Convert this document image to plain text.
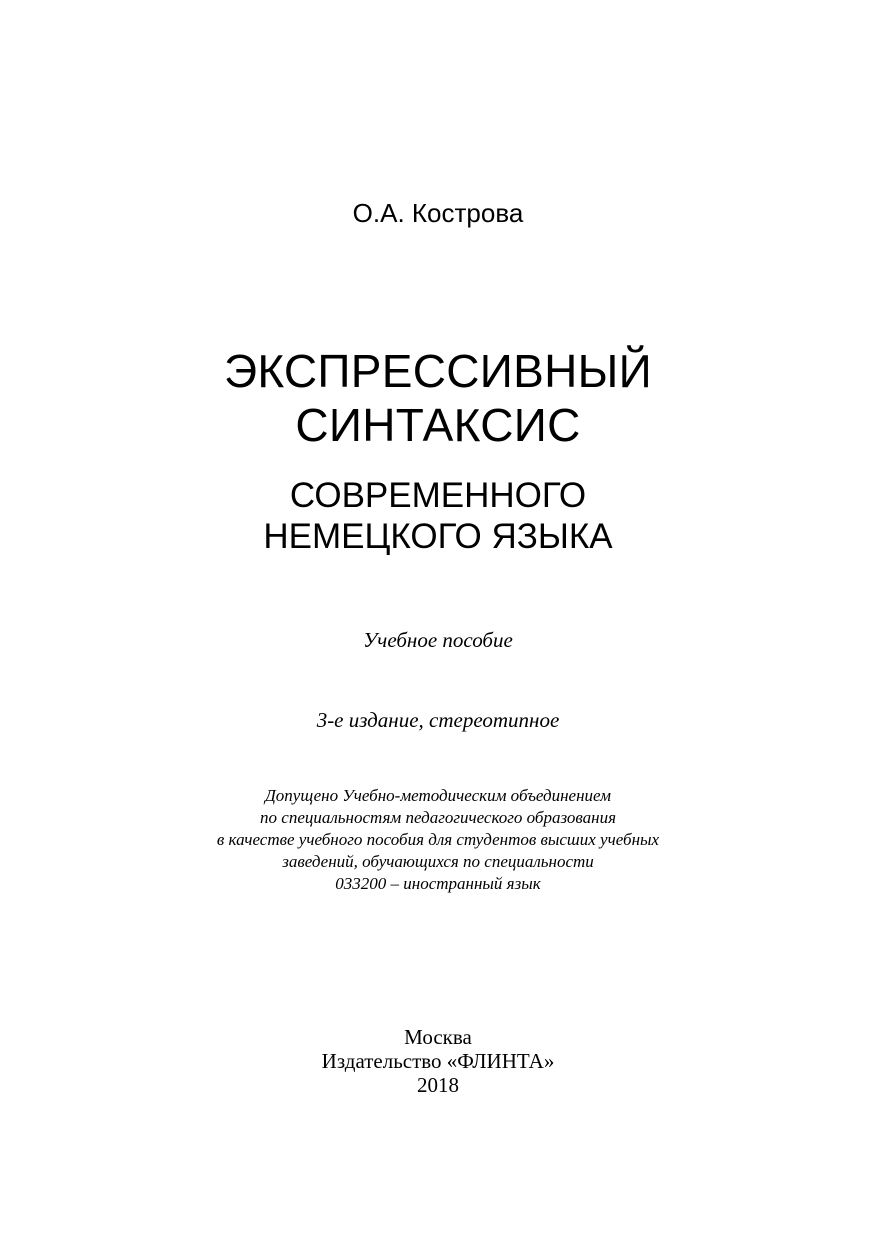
О.А. Кострова
ЭКСПРЕССИВНЫЙ
СИНТАКСИС
СОВРЕМЕННОГО
НЕМЕЦКОГО ЯЗЫКА
Учебное пособие
3-е издание, стереотипное
Допущено Учебно-методическим объединением
по специальностям педагогического образования
в качестве учебного пособия для студентов высших учебных
заведений, обучающихся по специальности
033200 – иностранный язык
Москва
Издательство «ФЛИНТА»
2018
